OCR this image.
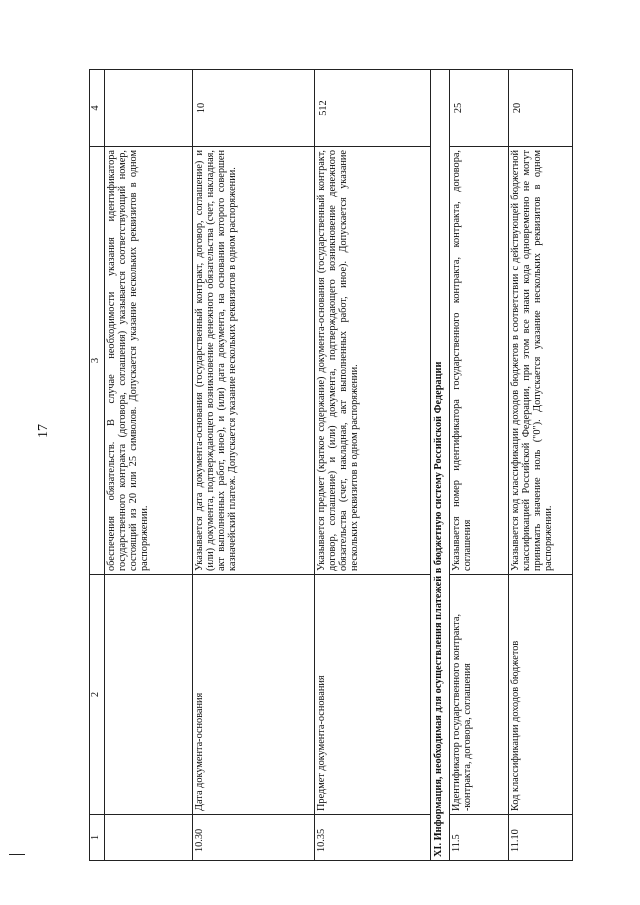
17
1	2	3	4
		обеспечения обязательств. В случае необходимости указания идентификатора государственного контракта (договора, соглашения) указывается соответствующий номер, состоящий из 20 или 25 символов. Допускается указание нескольких реквизитов в одном распоряжении.	
10.30	Дата документа-основания	Указывается дата документа-основания (государственный контракт, договор, соглашение) и (или) документа, подтверждающего возникновение денежного обязательства (счет, накладная, акт выполненных работ, иное), и (или) дата документа, на основании которого совершен казначейский платеж. Допускается указание нескольких реквизитов в одном распоряжении.	10
10.35	Предмет документа-основания	Указывается предмет (краткое содержание) документа-основания (государственный контракт, договор, соглашение) и (или) документа, подтверждающего возникновение денежного обязательства (счет, накладная, акт выполненных работ, иное). Допускается указание нескольких реквизитов в одном распоряжении.	512
XI. Информация, необходимая для осуществления платежей в бюджетную систему Российской Федерации			
11.5	Идентификатор государственного контракта, -контракта, договора, соглашения	Указывается номер идентификатора государственного контракта, контракта, договора, соглашения	25
11.10	Код классификации доходов бюджетов	Указывается код классификации доходов бюджетов в соответствии с действующей бюджетной классификацией Российской Федерации, при этом все знаки кода одновременно не могут принимать значение ноль ("0"). Допускается указание нескольких реквизитов в одном распоряжении.	20
